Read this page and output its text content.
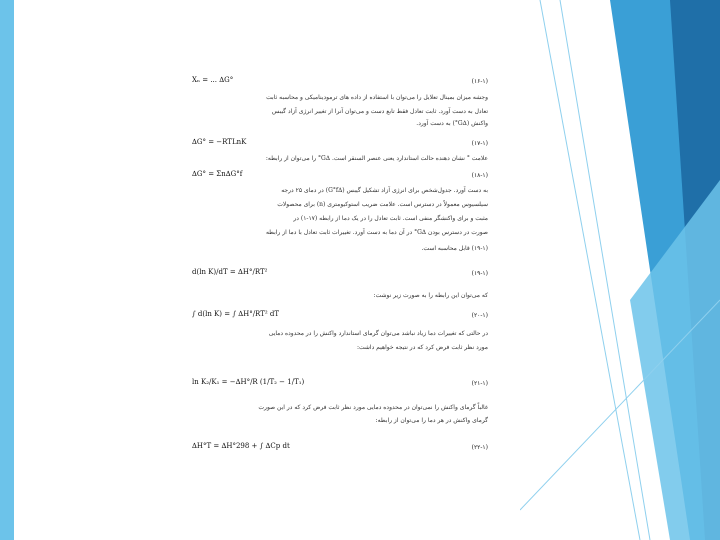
Xₙ = ... ∆G°	(۱۶-۱)
وجشه میزان بمینال تعلایل را می‌توان با استفاده از داده های ترمودینامیکی و محاسبه ثابت
تعادل به دست آورد. ثابت تعادل فقط تابع دست و می‌توان آنرا از تغییر انرژی آزاد گیبس
واکنش (∆G°) به دست آورد.
∆G° = −RTLnK	(۱۷-۱)
علامت ° نشان دهنده حالت استاندارد یعنی عنصر السنقر است. ∆G° را می‌توان از رابطه:
∆G° = Σn∆G°f	(۱۸-۱)
به دست آورد. جدول‌شخص برای انرژی آزاد تشکیل گیبس (∆G°f) در دمای ۲۵ درجه
سیلسیوس معمولاً در دسترس است. علامت ضریب استوکیومتری (n) برای محصولات
مثبت و برای واکنشگر منفی است. ثابت تعادل را در یک دما از رابطه (۱۷-۱) در
صورت در دسترس بودن ∆G° در آن دما به دست آورد. تغییرات ثابت تعادل با دما از رابطه
(۱۹-۱) قابل محاسبه است.
d(ln K)/dT = ∆H°/RT²	(۱۹-۱)
که می‌توان این رابطه را به صورت زیر نوشت:
∫ d(ln K) = ∫ ∆H°/RT² dT	(۲۰-۱)
در حالتی که تغییرات دما زیاد نباشد می‌توان گرمای استاندارد واکنش را در محدوده دمایی
مورد نظر ثابت فرض کرد که در نتیجه خواهیم داشت:
ln K₂/K₁ = −∆H°/R (1/T₂ − 1/T₁)	(۲۱-۱)
غالباً گرمای واکنش را نمی‌توان در محدوده دمایی مورد نظر ثابت فرض کرد که در این صورت
گرمای واکنش در هر دما را می‌توان از رابطه:
∆H°T = ∆H°298 + ∫ ∆Cp dt	(۲۲-۱)
